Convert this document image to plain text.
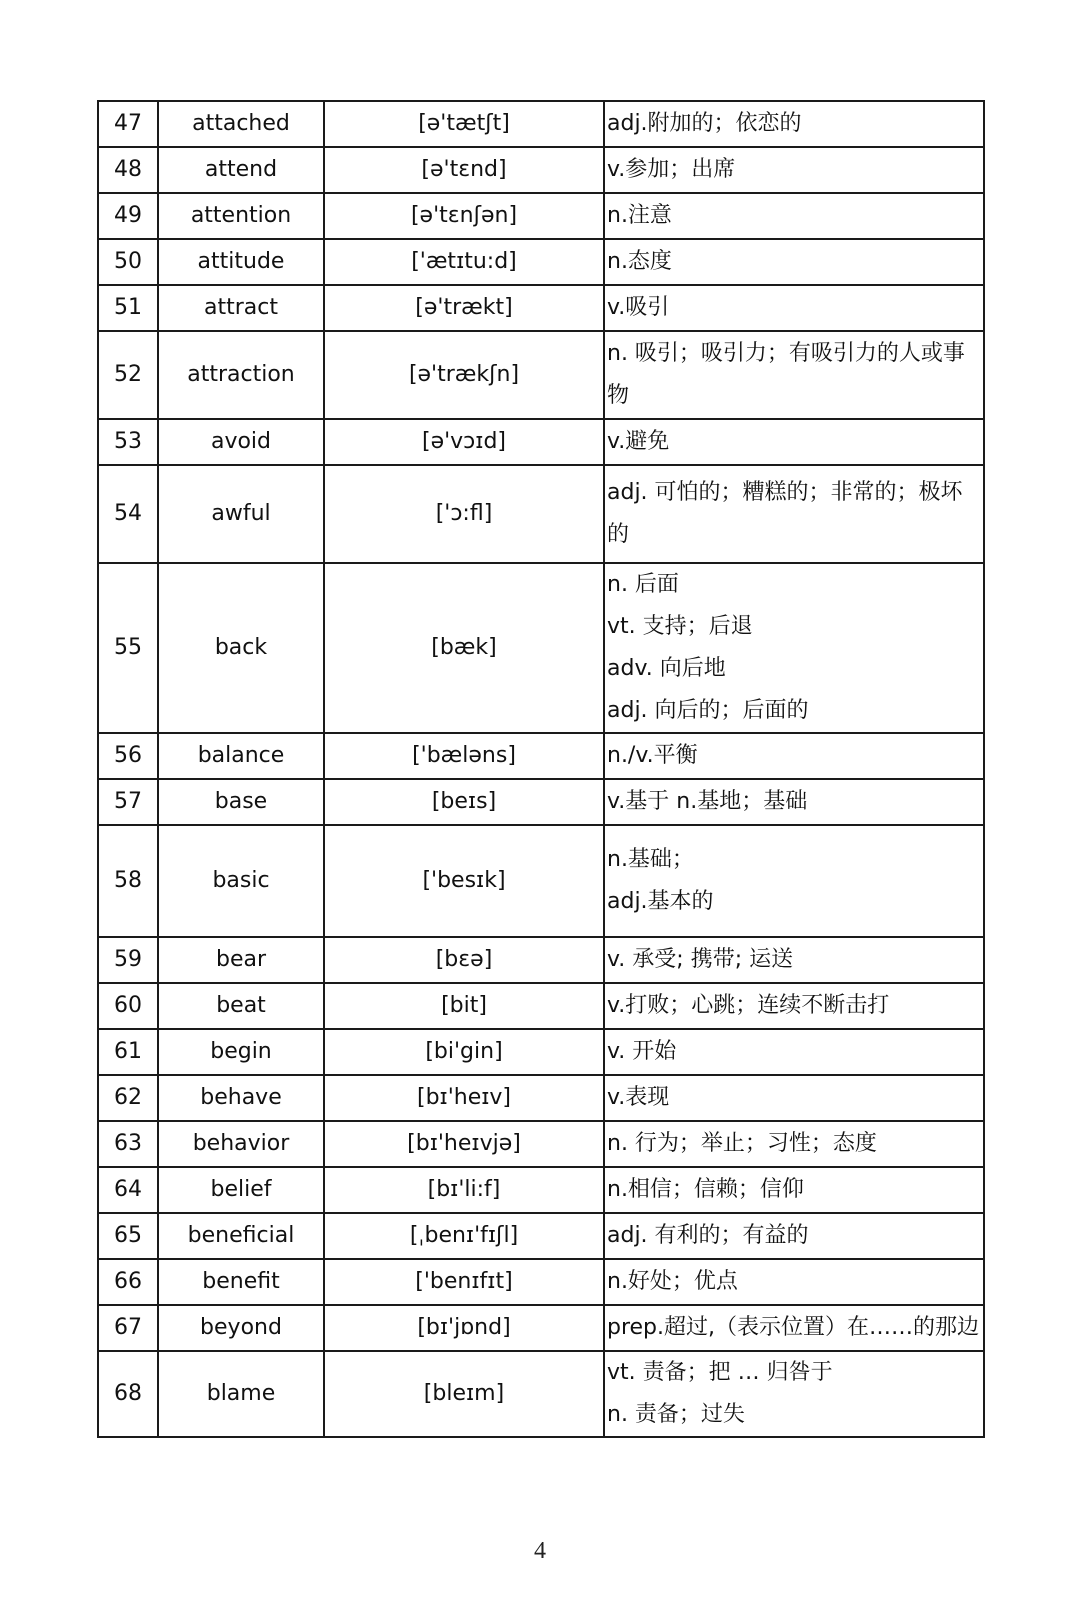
47	attached	[ə'tætʃt]	adj.附加的；依恋的

48	attend	[ə'tɛnd]	v.参加；出席

49	attention	[ə'tɛnʃən]	n.注意

50	attitude	['ætɪtu:d]	n.态度

51	attract	[ə'trækt]	v.吸引

52	attraction	[ə'trækʃn]	n. 吸引；吸引力；有吸引力的人或事
物

53	avoid	[ə'vɔɪd]	v.避免

54	awful	['ɔ:fl]	adj. 可怕的；糟糕的；非常的；极坏
的

55	back	[bæk]	n. 后面
vt. 支持；后退
adv. 向后地
adj. 向后的；后面的

56	balance	['bæləns]	n./v.平衡

57	base	[beɪs]	v.基于 n.基地；基础

58	basic	['besɪk]	n.基础；
adj.基本的

59	bear	[bɛə]	v. 承受; 携带; 运送

60	beat	[bit]	v.打败；心跳；连续不断击打

61	begin	[bi'gin]	v. 开始

62	behave	[bɪ'heɪv]	v.表现

63	behavior	[bɪ'heɪvjə]	n. 行为；举止；习性；态度

64	belief	[bɪ'li:f]	n.相信；信赖；信仰

65	beneficial	[ˌbenɪ'fɪʃl]	adj. 有利的；有益的

66	benefit	['benɪfɪt]	n.好处；优点

67	beyond	[bɪ'jɒnd]	prep.超过,（表示位置）在……的那边

68	blame	[bleɪm]	vt. 责备；把 … 归咎于
n. 责备；过失
4
